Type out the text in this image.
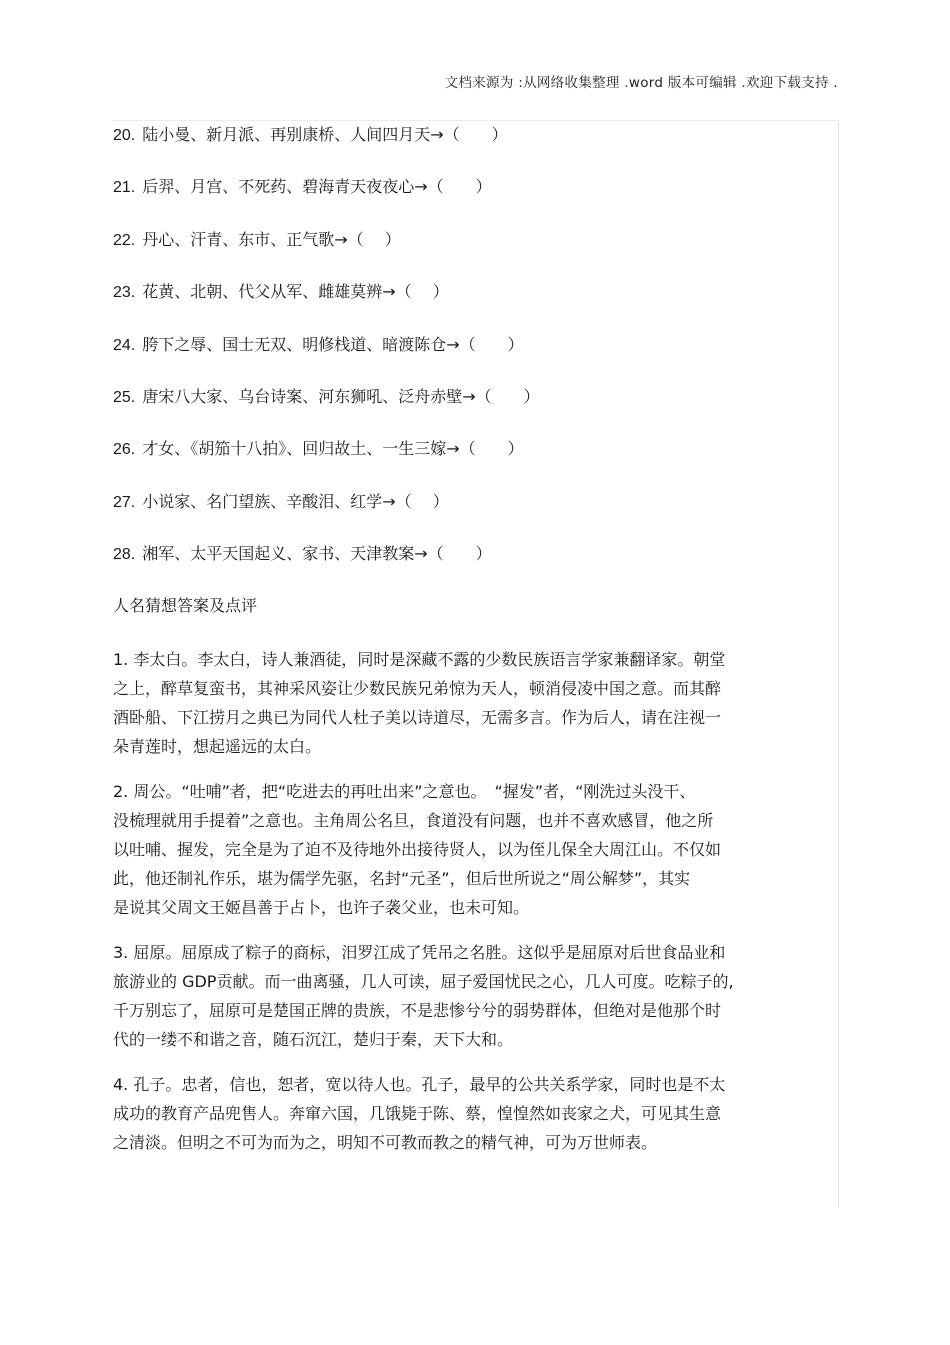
文档来源为 :从网络收集整理 .word 版本可编辑 .欢迎下载支持 .
20. 陆小曼、新月派、再别康桥、人间四月天→（　　）
21. 后羿、月宫、不死药、碧海青天夜夜心→（　　）
22. 丹心、汗青、东市、正气歌→（　 ）
23. 花黄、北朝、代父从军、雌雄莫辨→（　 ）
24. 胯下之辱、国士无双、明修栈道、暗渡陈仓→（　　）
25. 唐宋八大家、乌台诗案、河东狮吼、泛舟赤壁→（　　）
26. 才女、《胡笳十八拍》、回归故土、一生三嫁→（　　）
27. 小说家、名门望族、辛酸泪、红学→（　 ）
28. 湘军、太平天国起义、家书、天津教案→（　　）
人名猜想答案及点评
1. 李太白。李太白，诗人兼酒徒，同时是深藏不露的少数民族语言学家兼翻译家。朝堂
之上，醉草复蛮书，其神采风姿让少数民族兄弟惊为天人，顿消侵凌中国之意。而其醉
酒卧船、下江捞月之典已为同代人杜子美以诗道尽，无需多言。作为后人，请在注视一
朵青莲时，想起遥远的太白。
2. 周公。“吐哺”者，把“吃进去的再吐出来”之意也。　“握发”者，“刚洗过头没干、
没梳理就用手提着”之意也。主角周公名旦，食道没有问题，也并不喜欢感冒，他之所
以吐哺、握发，完全是为了迫不及待地外出接待贤人，以为侄儿保全大周江山。不仅如
此，他还制礼作乐，堪为儒学先驱，名封“元圣”，但后世所说之“周公解梦”，其实
是说其父周文王姬昌善于占卜，也许子袭父业，也未可知。
3. 屈原。屈原成了粽子的商标，汨罗江成了凭吊之名胜。这似乎是屈原对后世食品业和
旅游业的 GDP贡献。而一曲离骚，几人可读，屈子爱国忧民之心，几人可度。吃粽子的,
千万别忘了，屈原可是楚国正牌的贵族，不是悲惨兮兮的弱势群体，但绝对是他那个时
代的一缕不和谐之音，随石沉江，楚归于秦，天下大和。
4. 孔子。忠者，信也，恕者，宽以待人也。孔子，最早的公共关系学家，同时也是不太
成功的教育产品兜售人。奔窜六国，几饿毙于陈、蔡，惶惶然如丧家之犬，可见其生意
之清淡。但明之不可为而为之，明知不可教而教之的精气神，可为万世师表。
